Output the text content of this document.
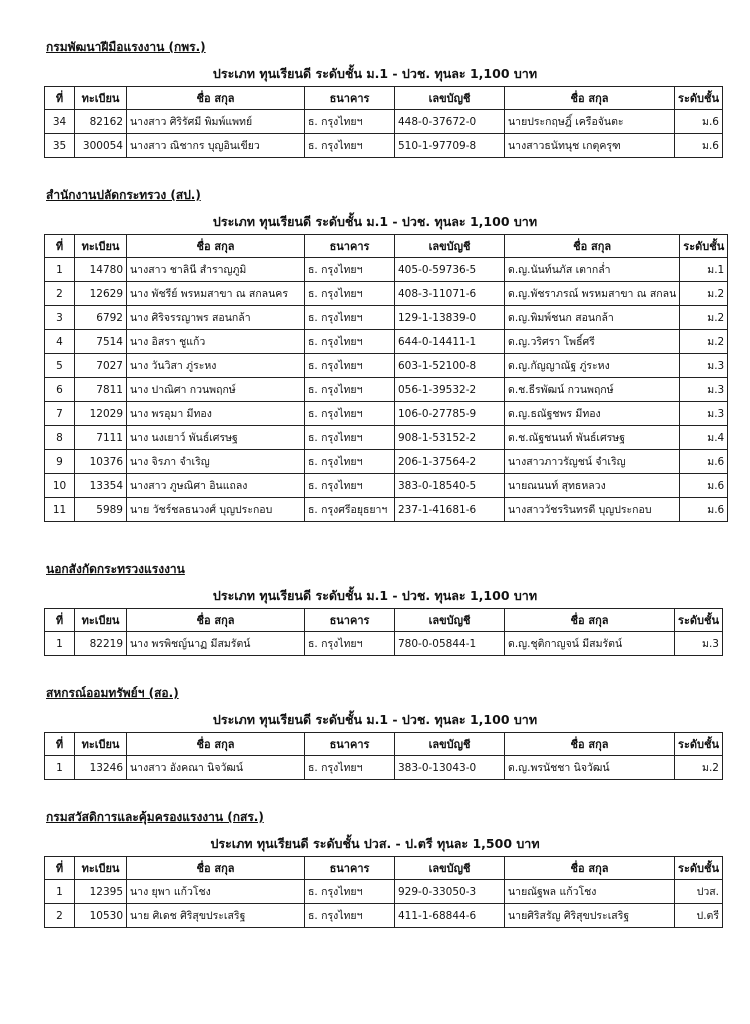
กรมพัฒนาฝีมือแรงงาน (กพร.)
ประเภท ทุนเรียนดี ระดับชั้น ม.1 - ปวช. ทุนละ 1,100 บาท
ที่	ทะเบียน	ชื่อ สกุล	ธนาคาร	เลขบัญชี	ชื่อ สกุล	ระดับชั้น
34	82162	นางสาว ศิริรัศมี พิมพ์แพทย์	ธ. กรุงไทยฯ	448-0-37672-0	นายประกฤษฎิ์ เครือจันตะ	ม.6
35	300054	นางสาว ณิชากร บุญอินเขียว	ธ. กรุงไทยฯ	510-1-97709-8	นางสาวธนัทนุช เกตุครุฑ	ม.6
สำนักงานปลัดกระทรวง (สป.)
ประเภท ทุนเรียนดี ระดับชั้น ม.1 - ปวช. ทุนละ 1,100 บาท
ที่	ทะเบียน	ชื่อ สกุล	ธนาคาร	เลขบัญชี	ชื่อ สกุล	ระดับชั้น
1	14780	นางสาว ชาลินี สำราญภูมิ	ธ. กรุงไทยฯ	405-0-59736-5	ด.ญ.นันท์นภัส เตากล่ำ	ม.1
2	12629	นาง พัชรีย์ พรหมสาขา ณ สกลนคร	ธ. กรุงไทยฯ	408-3-11071-6	ด.ญ.พัชราภรณ์ พรหมสาขา ณ สกลน	ม.2
3	6792	นาง ศิริจรรญาพร สอนกล้า	ธ. กรุงไทยฯ	129-1-13839-0	ด.ญ.พิมพ์ชนก สอนกล้า	ม.2
4	7514	นาง อิสรา ชูแก้ว	ธ. กรุงไทยฯ	644-0-14411-1	ด.ญ.วริศรา โพธิ์ศรี	ม.2
5	7027	นาง วันวิสา ภู่ระหง	ธ. กรุงไทยฯ	603-1-52100-8	ด.ญ.กัญญาณัฐ ภู่ระหง	ม.3
6	7811	นาง ปาณิศา กวนพฤกษ์	ธ. กรุงไทยฯ	056-1-39532-2	ด.ช.ธีรพัฒน์ กวนพฤกษ์	ม.3
7	12029	นาง พรอุมา มีทอง	ธ. กรุงไทยฯ	106-0-27785-9	ด.ญ.ธณัฐชพร มีทอง	ม.3
8	7111	นาง นงเยาว์ พันธ์เศรษฐ	ธ. กรุงไทยฯ	908-1-53152-2	ด.ช.ณัฐชนนท์ พันธ์เศรษฐ	ม.4
9	10376	นาง จิรภา จำเริญ	ธ. กรุงไทยฯ	206-1-37564-2	นางสาวภาวรัญชน์ จำเริญ	ม.6
10	13354	นางสาว ภูษณิศา อินแถลง	ธ. กรุงไทยฯ	383-0-18540-5	นายณนนท์ สุทธหลวง	ม.6
11	5989	นาย วัชร์ชลธนวงศ์ บุญประกอบ	ธ. กรุงศรีอยุธยาฯ	237-1-41681-6	นางสาววัชรรินทรดี บุญประกอบ	ม.6
นอกสังกัดกระทรวงแรงงาน
ประเภท ทุนเรียนดี ระดับชั้น ม.1 - ปวช. ทุนละ 1,100 บาท
ที่	ทะเบียน	ชื่อ สกุล	ธนาคาร	เลขบัญชี	ชื่อ สกุล	ระดับชั้น
1	82219	นาง พรพิชญ์นาฏ มีสมรัตน์	ธ. กรุงไทยฯ	780-0-05844-1	ด.ญ.ชุติกาญจน์ มีสมรัตน์	ม.3
สหกรณ์ออมทรัพย์ฯ (สอ.)
ประเภท ทุนเรียนดี ระดับชั้น ม.1 - ปวช. ทุนละ 1,100 บาท
ที่	ทะเบียน	ชื่อ สกุล	ธนาคาร	เลขบัญชี	ชื่อ สกุล	ระดับชั้น
1	13246	นางสาว อังคณา นิจวัฒน์	ธ. กรุงไทยฯ	383-0-13043-0	ด.ญ.พรนัชชา นิจวัฒน์	ม.2
กรมสวัสดิการและคุ้มครองแรงงาน (กสร.)
ประเภท ทุนเรียนดี ระดับชั้น ปวส. - ป.ตรี ทุนละ 1,500 บาท
ที่	ทะเบียน	ชื่อ สกุล	ธนาคาร	เลขบัญชี	ชื่อ สกุล	ระดับชั้น
1	12395	นาง ยุพา แก้วโชง	ธ. กรุงไทยฯ	929-0-33050-3	นายณัฐพล แก้วโชง	ปวส.
2	10530	นาย ศิเดช ศิริสุขประเสริฐ	ธ. กรุงไทยฯ	411-1-68844-6	นายศิริสรัญ ศิริสุขประเสริฐ	ป.ตรี
